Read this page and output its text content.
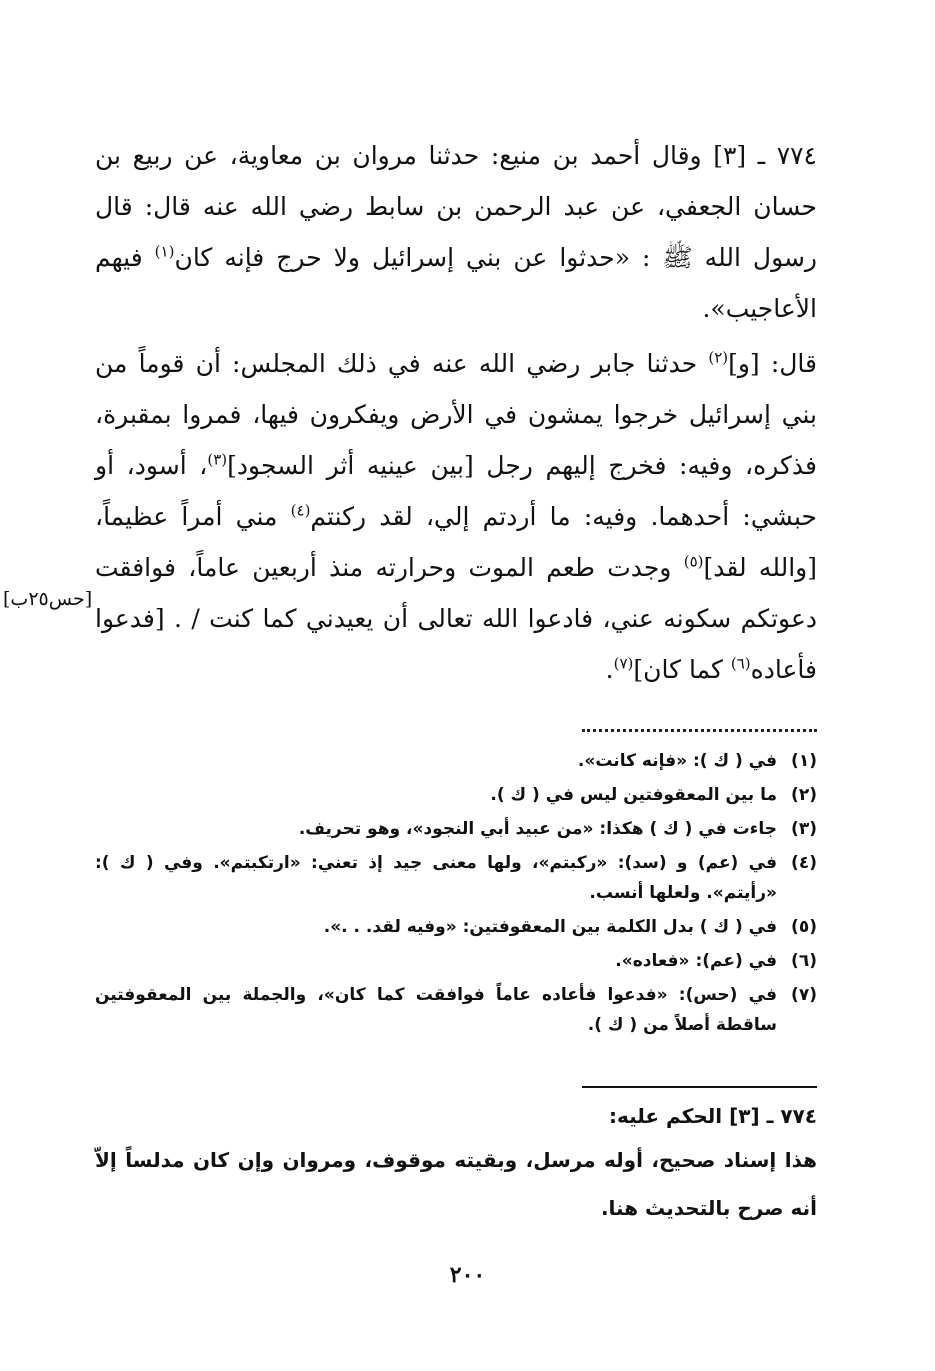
[حس٢٥ب]

٧٧٤ ـ [٣] وقال أحمد بن منيع: حدثنا مروان بن معاوية، عن ربيع بن حسان الجعفي، عن عبد الرحمن بن سابط رضي الله عنه قال: قال رسول الله ﷺ : «حدثوا عن بني إسرائيل ولا حرج فإنه كان$^{(١)}$ فيهم الأعاجيب».

قال: [و]$^{(٢)}$ حدثنا جابر رضي الله عنه في ذلك المجلس: أن قوماً من بني إسرائيل خرجوا يمشون في الأرض ويفكرون فيها، فمروا بمقبرة، فذكره، وفيه: فخرج إليهم رجل [بين عينيه أثر السجود]$^{(٣)}$، أسود، أو حبشي: أحدهما. وفيه: ما أردتم إلي، لقد ركنتم$^{(٤)}$ مني أمراً عظيماً، [والله لقد]$^{(٥)}$ وجدت طعم الموت وحرارته منذ أربعين عاماً، فوافقت دعوتكم سكونه عني، فادعوا الله تعالى أن يعيدني كما كنت / . [فدعوا فأعاده$^{(٦)}$ كما كان]$^{(٧)}$.

(١)
في ( ك ): «فإنه كانت».
(٢)
ما بين المعقوفتين ليس في ( ك ).
(٣)
جاءت في ( ك ) هكذا: «من عبيد أبي النجود»، وهو تحريف.
(٤)
في (عم) و (سد): «ركبتم»، ولها معنى جيد إذ تعني: «ارتكبتم». وفي ( ك ): «رأيتم». ولعلها أنسب.
(٥)
في ( ك ) بدل الكلمة بين المعقوفتين: «وفيه لقد. . .».
(٦)
في (عم): «فعاده».
(٧)
في (حس): «فدعوا فأعاده عاماً فوافقت كما كان»، والجملة بين المعقوفتين ساقطة أصلاً من ( ك ).
٧٧٤ ـ [٣] الحكم عليه:
هذا إسناد صحيح، أوله مرسل، وبقيته موقوف، ومروان وإن كان مدلساً إلاّ أنه صرح بالتحديث هنا.
٢٠٠
